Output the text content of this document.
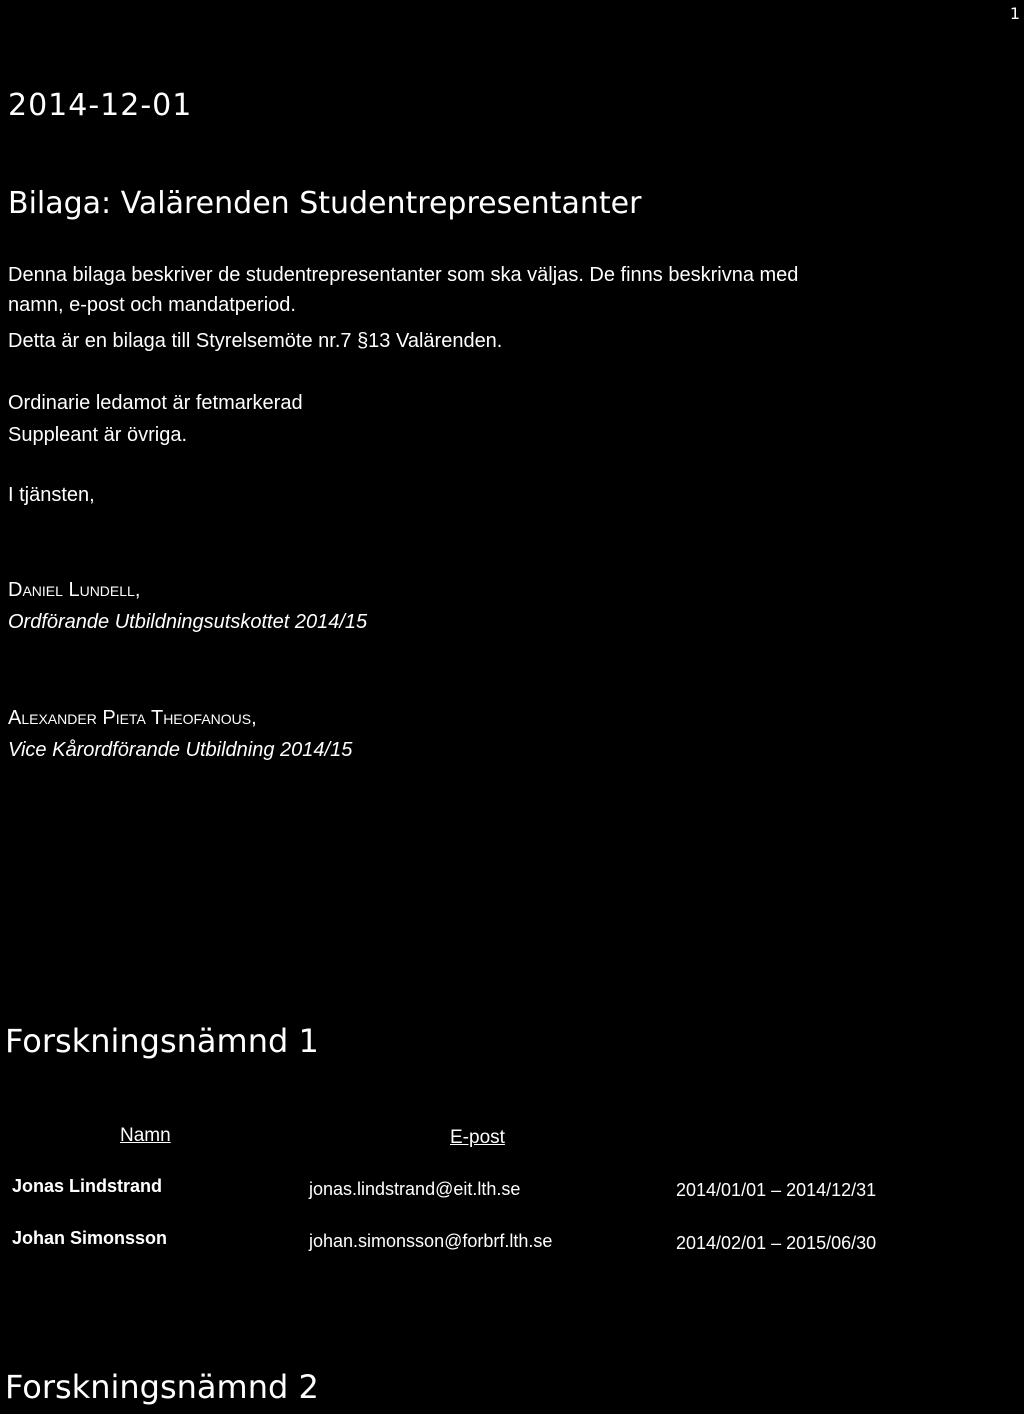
1
2014-12-01
Bilaga: Valärenden Studentrepresentanter
Denna bilaga beskriver de studentrepresentanter som ska väljas. De finns beskrivna med
namn, e-post och mandatperiod.
Detta är en bilaga till Styrelsemöte nr.7 §13 Valärenden.
Ordinarie ledamot är fetmarkerad
Suppleant är övriga.
I tjänsten,
Daniel Lundell,
Ordförande Utbildningsutskottet 2014/15
Alexander Pieta Theofanous,
Vice Kårordförande Utbildning 2014/15
Forskningsnämnd 1
Namn	E-post
Jonas Lindstrand	jonas.lindstrand@eit.lth.se	2014/01/01 – 2014/12/31
Johan Simonsson	johan.simonsson@forbrf.lth.se	2014/02/01 – 2015/06/30
Forskningsnämnd 2
